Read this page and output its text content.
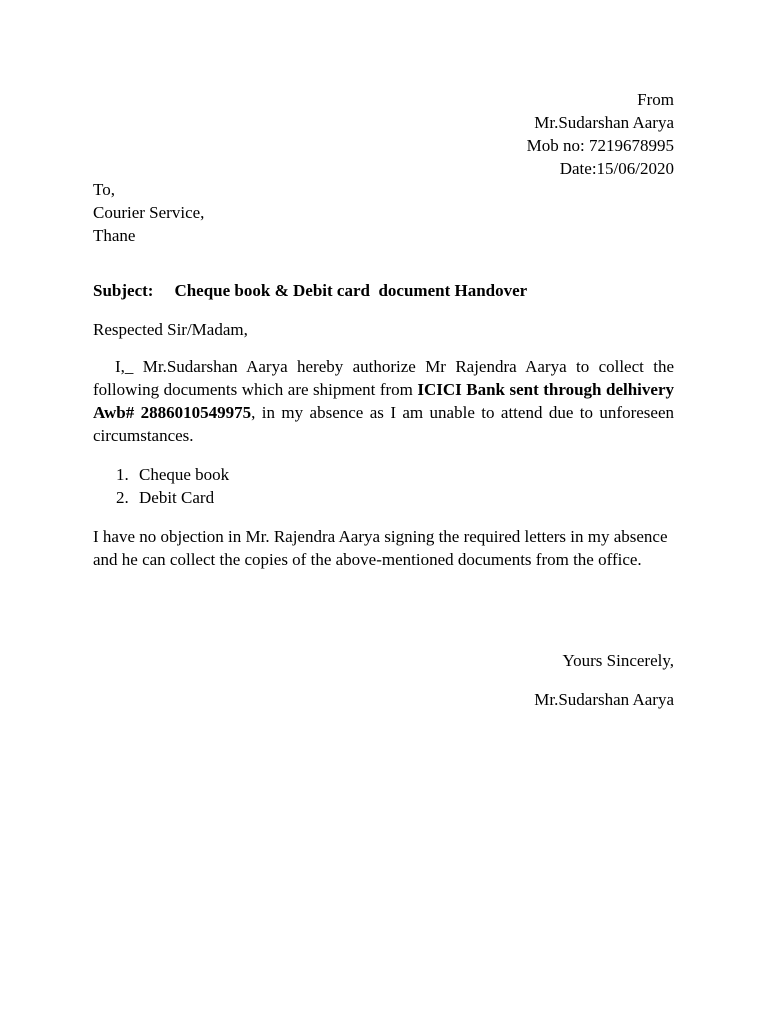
From
Mr.Sudarshan Aarya
Mob no: 7219678995
Date:15/06/2020
To,
Courier Service,
Thane
Subject: Cheque book & Debit card  document Handover
Respected Sir/Madam,
I,_ Mr.Sudarshan Aarya hereby authorize Mr Rajendra Aarya to collect the following documents which are shipment from ICICI Bank sent through delhivery Awb# 2886010549975, in my absence as I am unable to attend due to unforeseen circumstances.
1. Cheque book
2. Debit Card
I have no objection in Mr. Rajendra Aarya signing the required letters in my absence and he can collect the copies of the above-mentioned documents from the office.
Yours Sincerely,
Mr.Sudarshan Aarya
